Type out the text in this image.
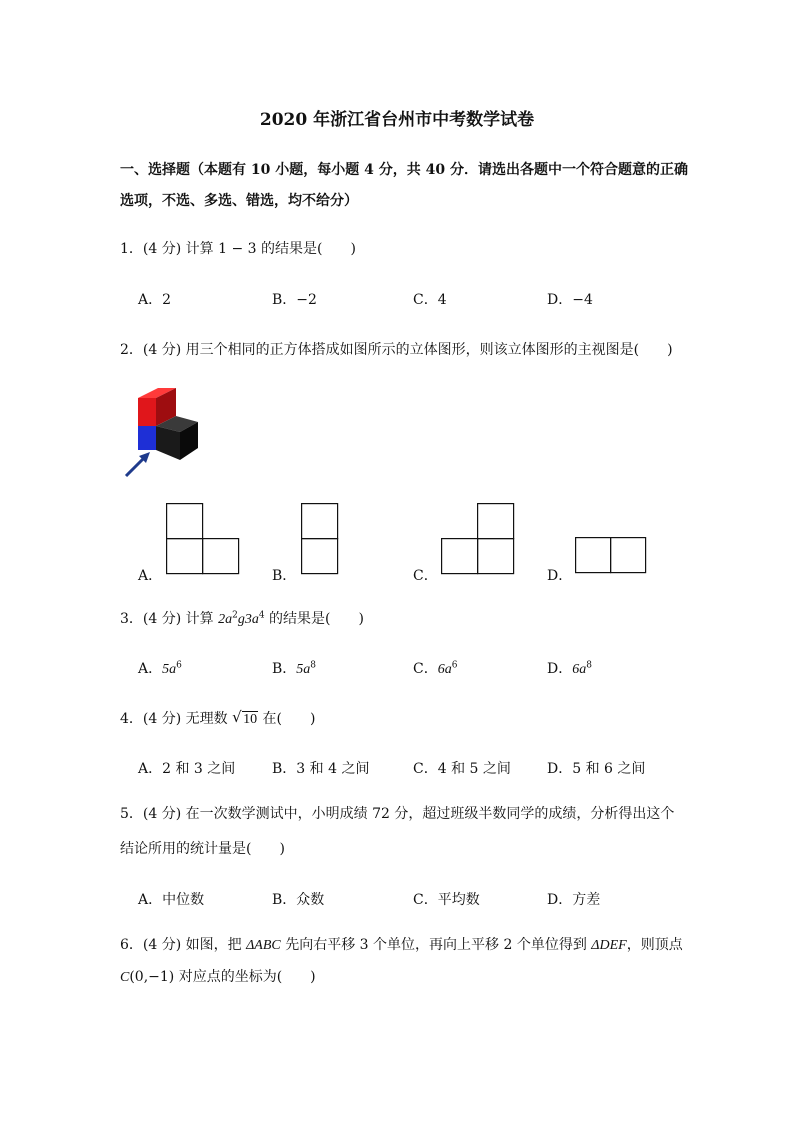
2020 年浙江省台州市中考数学试卷
一、选择题（本题有 10 小题，每小题 4 分，共 40 分．请选出各题中一个符合题意的正确
选项，不选、多选、错选，均不给分）
1．(4 分) 计算 1 − 3 的结果是(　　)
A．2	B．−2	C．4	D．−4
2．(4 分) 用三个相同的正方体搭成如图所示的立体图形，则该立体图形的主视图是(　　)
A．	B．	C．	D．
3．(4 分) 计算 $2a^2g3a^4$ 的结果是(　　)
A．$5a^6$	B．$5a^8$	C．$6a^6$	D．$6a^8$
4．(4 分) 无理数 √ 10 在(　　)
A．2 和 3 之间	B．3 和 4 之间	C．4 和 5 之间	D．5 和 6 之间
5．(4 分) 在一次数学测试中，小明成绩 72 分，超过班级半数同学的成绩，分析得出这个
结论所用的统计量是(　　)
A．中位数	B．众数	C．平均数	D．方差
6．(4 分) 如图，把 ΔABC 先向右平移 3 个单位，再向上平移 2 个单位得到 ΔDEF，则顶点
C(0,−1) 对应点的坐标为(　　)
